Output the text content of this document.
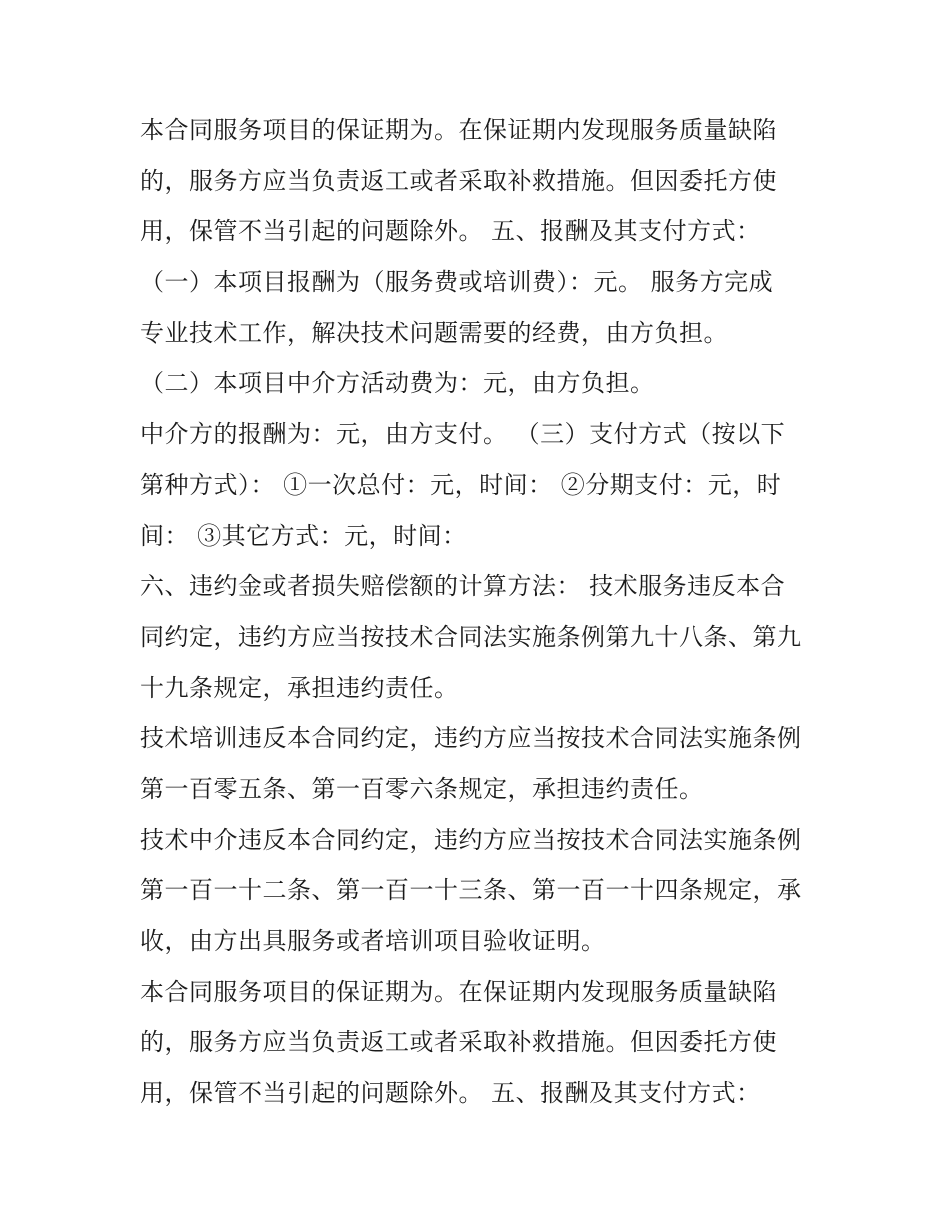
本合同服务项目的保证期为。在保证期内发现服务质量缺陷
的，服务方应当负责返工或者采取补救措施。但因委托方使
用，保管不当引起的问题除外。 五、报酬及其支付方式：
（一）本项目报酬为（服务费或培训费）：元。 服务方完成
专业技术工作，解决技术问题需要的经费，由方负担。
（二）本项目中介方活动费为：元，由方负担。
中介方的报酬为：元，由方支付。 （三）支付方式（按以下
第种方式）： ①一次总付：元，时间： ②分期支付：元，时
间： ③其它方式：元，时间：
六、违约金或者损失赔偿额的计算方法： 技术服务违反本合
同约定，违约方应当按技术合同法实施条例第九十八条、第九
十九条规定，承担违约责任。
技术培训违反本合同约定，违约方应当按技术合同法实施条例
第一百零五条、第一百零六条规定，承担违约责任。
技术中介违反本合同约定，违约方应当按技术合同法实施条例
第一百一十二条、第一百一十三条、第一百一十四条规定，承
收，由方出具服务或者培训项目验收证明。
本合同服务项目的保证期为。在保证期内发现服务质量缺陷
的，服务方应当负责返工或者采取补救措施。但因委托方使
用，保管不当引起的问题除外。 五、报酬及其支付方式：
